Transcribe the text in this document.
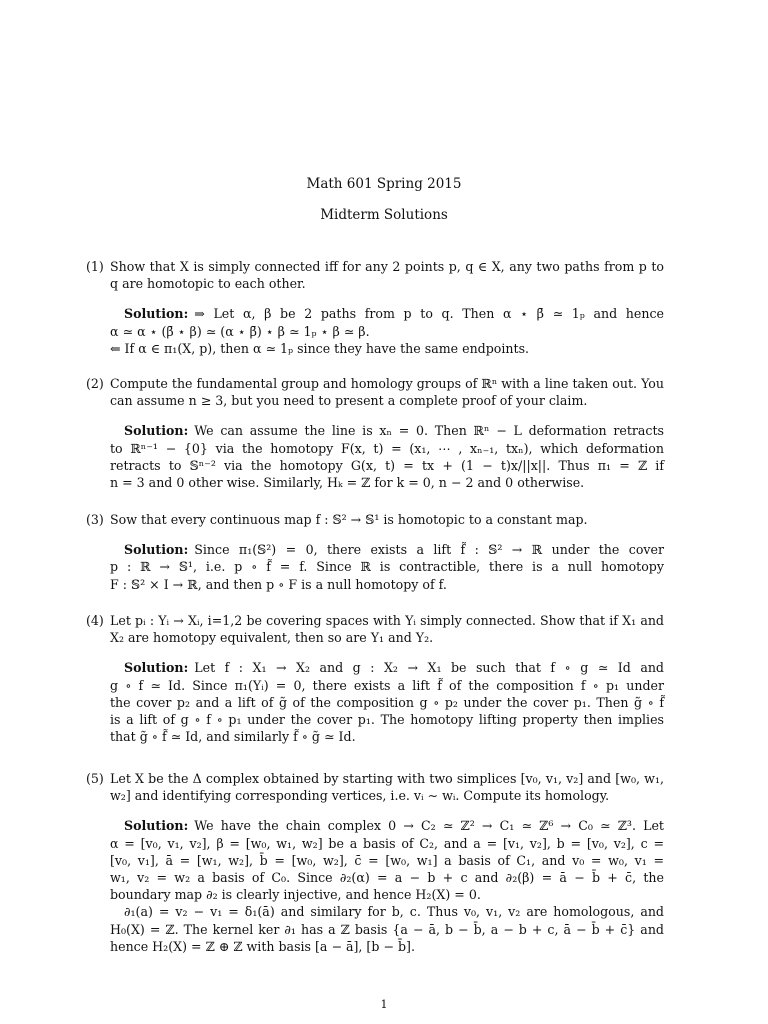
Math 601 Spring 2015
Midterm Solutions
(1) Show that X is simply connected iff for any 2 points p, q ∈ X, any two paths from p to q are homotopic to each other.

Solution: ⇒ Let α, β be 2 paths from p to q. Then α ⋆ β̄ ≃ 1ₚ and hence
α ≃ α ⋆ (β̄ ⋆ β) ≃ (α ⋆ β̄) ⋆ β ≃ 1ₚ ⋆ β ≃ β.
⇐ If α ∈ π₁(X, p), then α ≃ 1ₚ since they have the same endpoints.

(2) Compute the fundamental group and homology groups of ℝⁿ with a line taken out. You can assume n ≥ 3, but you need to present a complete proof of your claim.

Solution: We can assume the line is xₙ = 0. Then ℝⁿ − L deformation retracts
to ℝⁿ⁻¹ − {0} via the homotopy F(x, t) = (x₁, ⋯ , xₙ₋₁, txₙ), which deformation
retracts to 𝕊ⁿ⁻² via the homotopy G(x, t) = tx + (1 − t)x/||x||. Thus π₁ = ℤ if
n = 3 and 0 other wise. Similarly, Hₖ = ℤ for k = 0, n − 2 and 0 otherwise.

(3) Sow that every continuous map f : 𝕊² → 𝕊¹ is homotopic to a constant map.

Solution: Since π₁(𝕊²) = 0, there exists a lift f̃ : 𝕊² → ℝ under the cover
p : ℝ → 𝕊¹, i.e. p ∘ f̃ = f. Since ℝ is contractible, there is a null homotopy
F : 𝕊² × I → ℝ, and then p ∘ F is a null homotopy of f.

(4) Let pᵢ : Yᵢ → Xᵢ, i=1,2 be covering spaces with Yᵢ simply connected. Show that if X₁ and X₂ are homotopy equivalent, then so are Y₁ and Y₂.

Solution: Let f : X₁ → X₂ and g : X₂ → X₁ be such that f ∘ g ≃ Id and
g ∘ f ≃ Id. Since π₁(Yᵢ) = 0, there exists a lift f̃ of the composition f ∘ p₁ under
the cover p₂ and a lift of g̃ of the composition g ∘ p₂ under the cover p₁. Then g̃ ∘ f̃
is a lift of g ∘ f ∘ p₁ under the cover p₁. The homotopy lifting property then implies
that g̃ ∘ f̃ ≃ Id, and similarly f̃ ∘ g̃ ≃ Id.

(5) Let X be the Δ complex obtained by starting with two simplices [v₀, v₁, v₂] and [w₀, w₁, w₂] and identifying corresponding vertices, i.e. vᵢ ∼ wᵢ. Compute its homology.

Solution: We have the chain complex 0 → C₂ ≃ ℤ² → C₁ ≃ ℤ⁶ → C₀ ≃ ℤ³. Let
α = [v₀, v₁, v₂], β = [w₀, w₁, w₂] be a basis of C₂, and a = [v₁, v₂], b = [v₀, v₂], c =
[v₀, v₁], ā = [w₁, w₂], b̄ = [w₀, w₂], c̄ = [w₀, w₁] a basis of C₁, and v₀ = w₀, v₁ =
w₁, v₂ = w₂ a basis of C₀. Since ∂₂(α) = a − b + c and ∂₂(β) = ā − b̄ + c̄, the
boundary map ∂₂ is clearly injective, and hence H₂(X) = 0.

∂₁(a) = v₂ − v₁ = δ₁(ā) and similary for b, c. Thus v₀, v₁, v₂ are homologous, and
H₀(X) = ℤ. The kernel ker ∂₁ has a ℤ basis {a − ā, b − b̄, a − b + c, ā − b̄ + c̄} and
hence H₂(X) = ℤ ⊕ ℤ with basis [a − ā], [b − b̄].

1
